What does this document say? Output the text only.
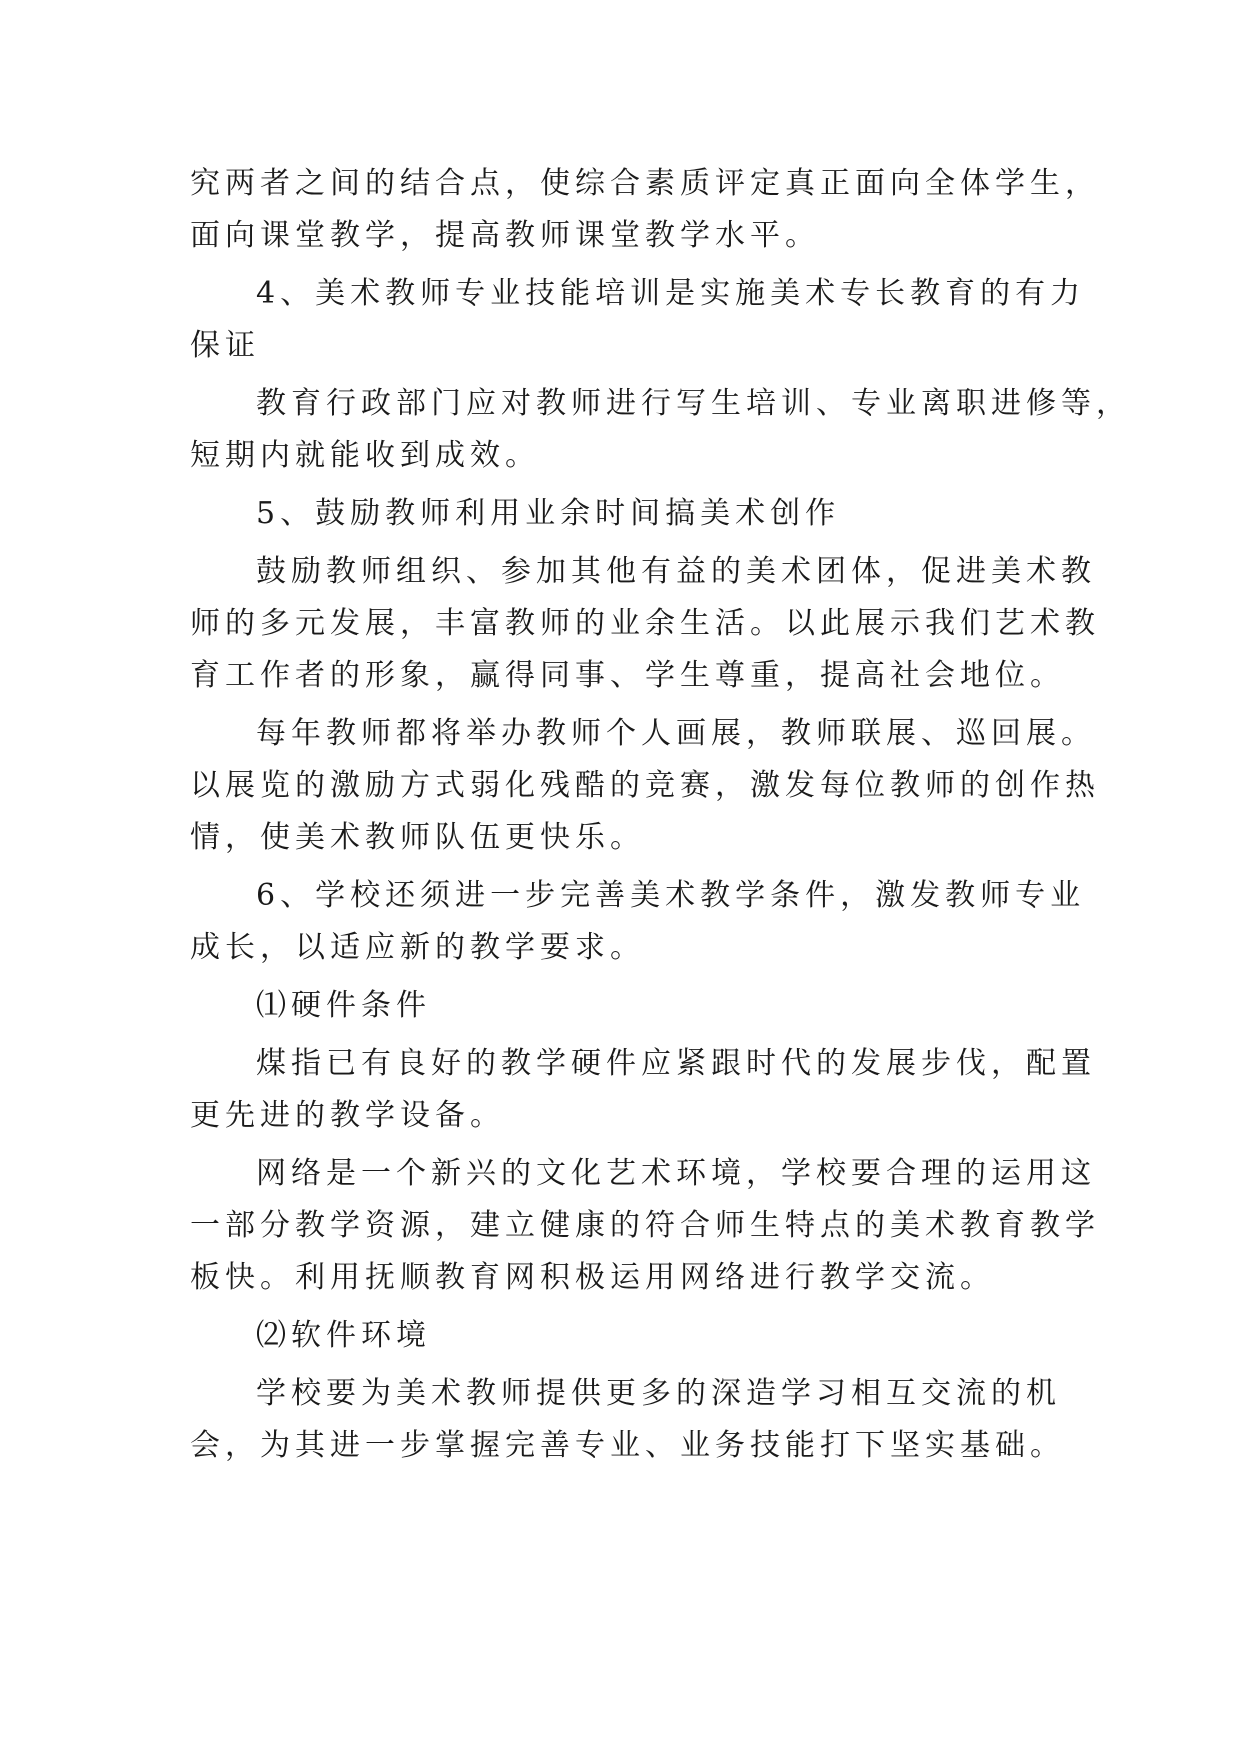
究两者之间的结合点，使综合素质评定真正面向全体学生，
面向课堂教学，提高教师课堂教学水平。
4、美术教师专业技能培训是实施美术专长教育的有力
保证
教育行政部门应对教师进行写生培训、专业离职进修等，
短期内就能收到成效。
5、鼓励教师利用业余时间搞美术创作
鼓励教师组织、参加其他有益的美术团体，促进美术教
师的多元发展，丰富教师的业余生活。以此展示我们艺术教
育工作者的形象，赢得同事、学生尊重，提高社会地位。
每年教师都将举办教师个人画展，教师联展、巡回展。
以展览的激励方式弱化残酷的竞赛，激发每位教师的创作热
情，使美术教师队伍更快乐。
6、学校还须进一步完善美术教学条件，激发教师专业
成长，以适应新的教学要求。
⑴硬件条件
煤指已有良好的教学硬件应紧跟时代的发展步伐，配置
更先进的教学设备。
网络是一个新兴的文化艺术环境，学校要合理的运用这
一部分教学资源，建立健康的符合师生特点的美术教育教学
板快。利用抚顺教育网积极运用网络进行教学交流。
⑵软件环境
学校要为美术教师提供更多的深造学习相互交流的机
会，为其进一步掌握完善专业、业务技能打下坚实基础。
